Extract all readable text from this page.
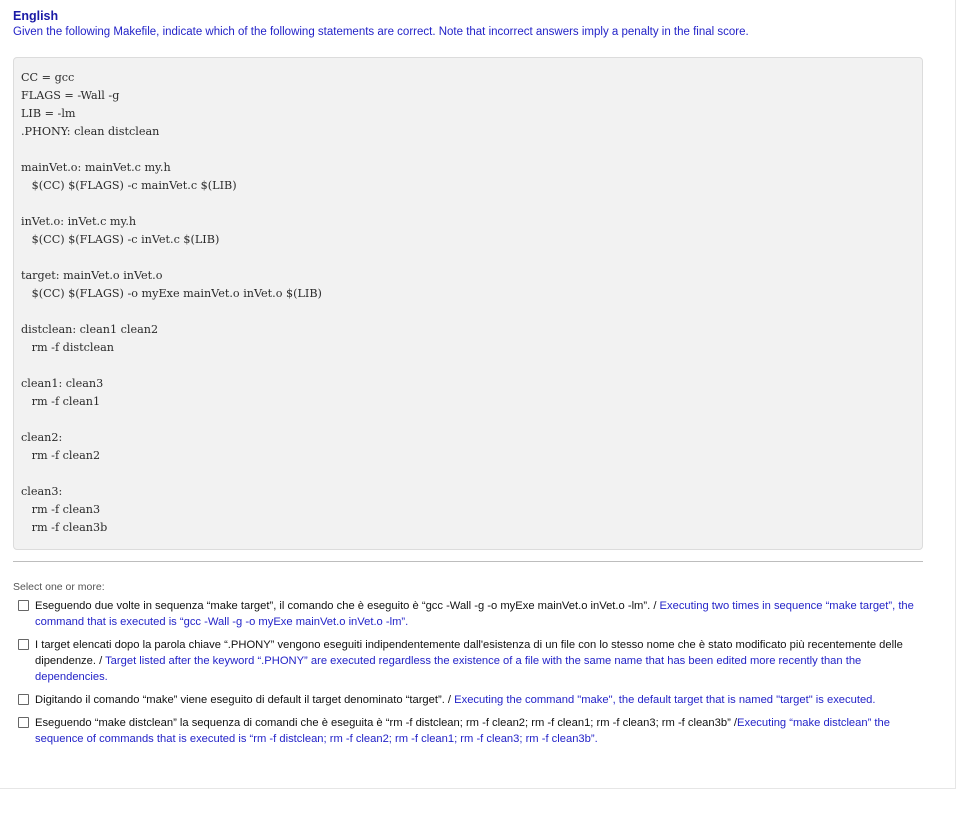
English
Given the following Makefile, indicate which of the following statements are correct. Note that incorrect answers imply a penalty in the final score.
CC = gcc
FLAGS = -Wall -g
LIB = -lm
.PHONY: clean distclean
mainVet.o: mainVet.c my.h
$(CC) $(FLAGS) -c mainVet.c $(LIB)
inVet.o: inVet.c my.h
$(CC) $(FLAGS) -c inVet.c $(LIB)
target: mainVet.o inVet.o
$(CC) $(FLAGS) -o myExe mainVet.o inVet.o $(LIB)
distclean: clean1 clean2
rm -f distclean
clean1: clean3
rm -f clean1
clean2:
rm -f clean2
clean3:
rm -f clean3
rm -f clean3b
Select one or more:
Eseguendo due volte in sequenza “make target”, il comando che è eseguito è “gcc -Wall -g -o myExe mainVet.o inVet.o -lm”. / Executing two times in sequence “make target”, the command that is executed is “gcc -Wall -g -o myExe mainVet.o inVet.o -lm”.
I target elencati dopo la parola chiave “.PHONY” vengono eseguiti indipendentemente dall'esistenza di un file con lo stesso nome che è stato modificato più recentemente delle dipendenze. / Target listed after the keyword “.PHONY” are executed regardless the existence of a file with the same name that has been edited more recently than the dependencies.
Digitando il comando “make” viene eseguito di default il target denominato “target”. / Executing the command "make", the default target that is named "target" is executed.
Eseguendo “make distclean” la sequenza di comandi che è eseguita è “rm -f distclean; rm -f clean2; rm -f clean1; rm -f clean3; rm -f clean3b” /Executing “make distclean” the sequence of commands that is executed is “rm -f distclean; rm -f clean2; rm -f clean1; rm -f clean3; rm -f clean3b”.
